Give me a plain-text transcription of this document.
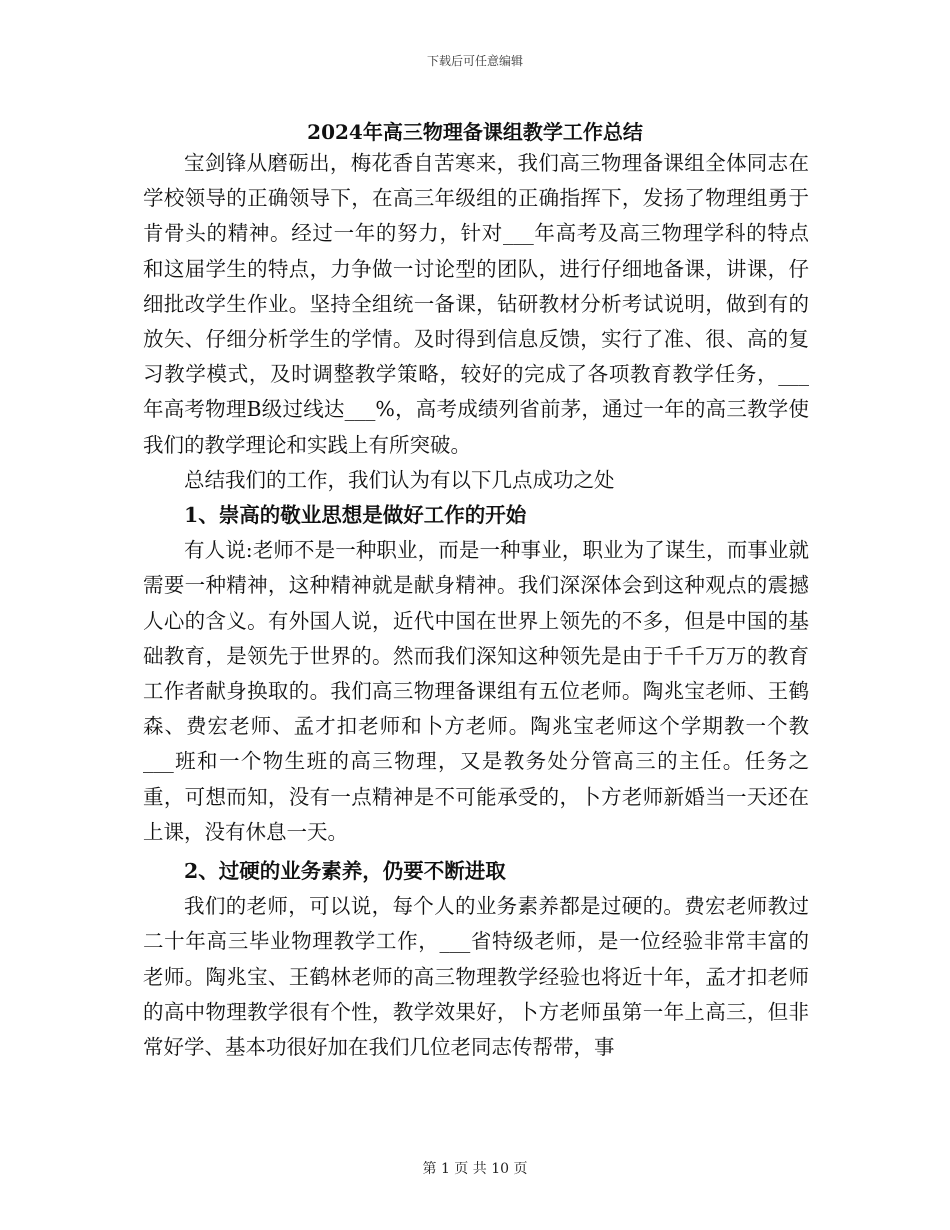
下载后可任意编辑
2024年高三物理备课组教学工作总结

宝剑锋从磨砺出，梅花香自苦寒来，我们高三物理备课组全体同志在学校领导的正确领导下，在高三年级组的正确指挥下，发扬了物理组勇于肯骨头的精神。经过一年的努力，针对___年高考及高三物理学科的特点和这届学生的特点，力争做一讨论型的团队，进行仔细地备课，讲课，仔细批改学生作业。坚持全组统一备课，钻研教材分析考试说明，做到有的放矢、仔细分析学生的学情。及时得到信息反馈，实行了准、很、高的复习教学模式，及时调整教学策略，较好的完成了各项教育教学任务，___年高考物理B级过线达___%，高考成绩列省前茅，通过一年的高三教学使我们的教学理论和实践上有所突破。

总结我们的工作，我们认为有以下几点成功之处

1、崇高的敬业思想是做好工作的开始

有人说:老师不是一种职业，而是一种事业，职业为了谋生，而事业就需要一种精神，这种精神就是献身精神。我们深深体会到这种观点的震撼人心的含义。有外国人说，近代中国在世界上领先的不多，但是中国的基础教育，是领先于世界的。然而我们深知这种领先是由于千千万万的教育工作者献身换取的。我们高三物理备课组有五位老师。陶兆宝老师、王鹤森、费宏老师、孟才扣老师和卜方老师。陶兆宝老师这个学期教一个教___班和一个物生班的高三物理，又是教务处分管高三的主任。任务之重，可想而知，没有一点精神是不可能承受的，卜方老师新婚当一天还在上课，没有休息一天。

2、过硬的业务素养，仍要不断进取

我们的老师，可以说，每个人的业务素养都是过硬的。费宏老师教过二十年高三毕业物理教学工作，___省特级老师，是一位经验非常丰富的老师。陶兆宝、王鹤林老师的高三物理教学经验也将近十年，孟才扣老师的高中物理教学很有个性，教学效果好，卜方老师虽第一年上高三，但非常好学、基本功很好加在我们几位老同志传帮带，事

第 1 页 共 10 页
